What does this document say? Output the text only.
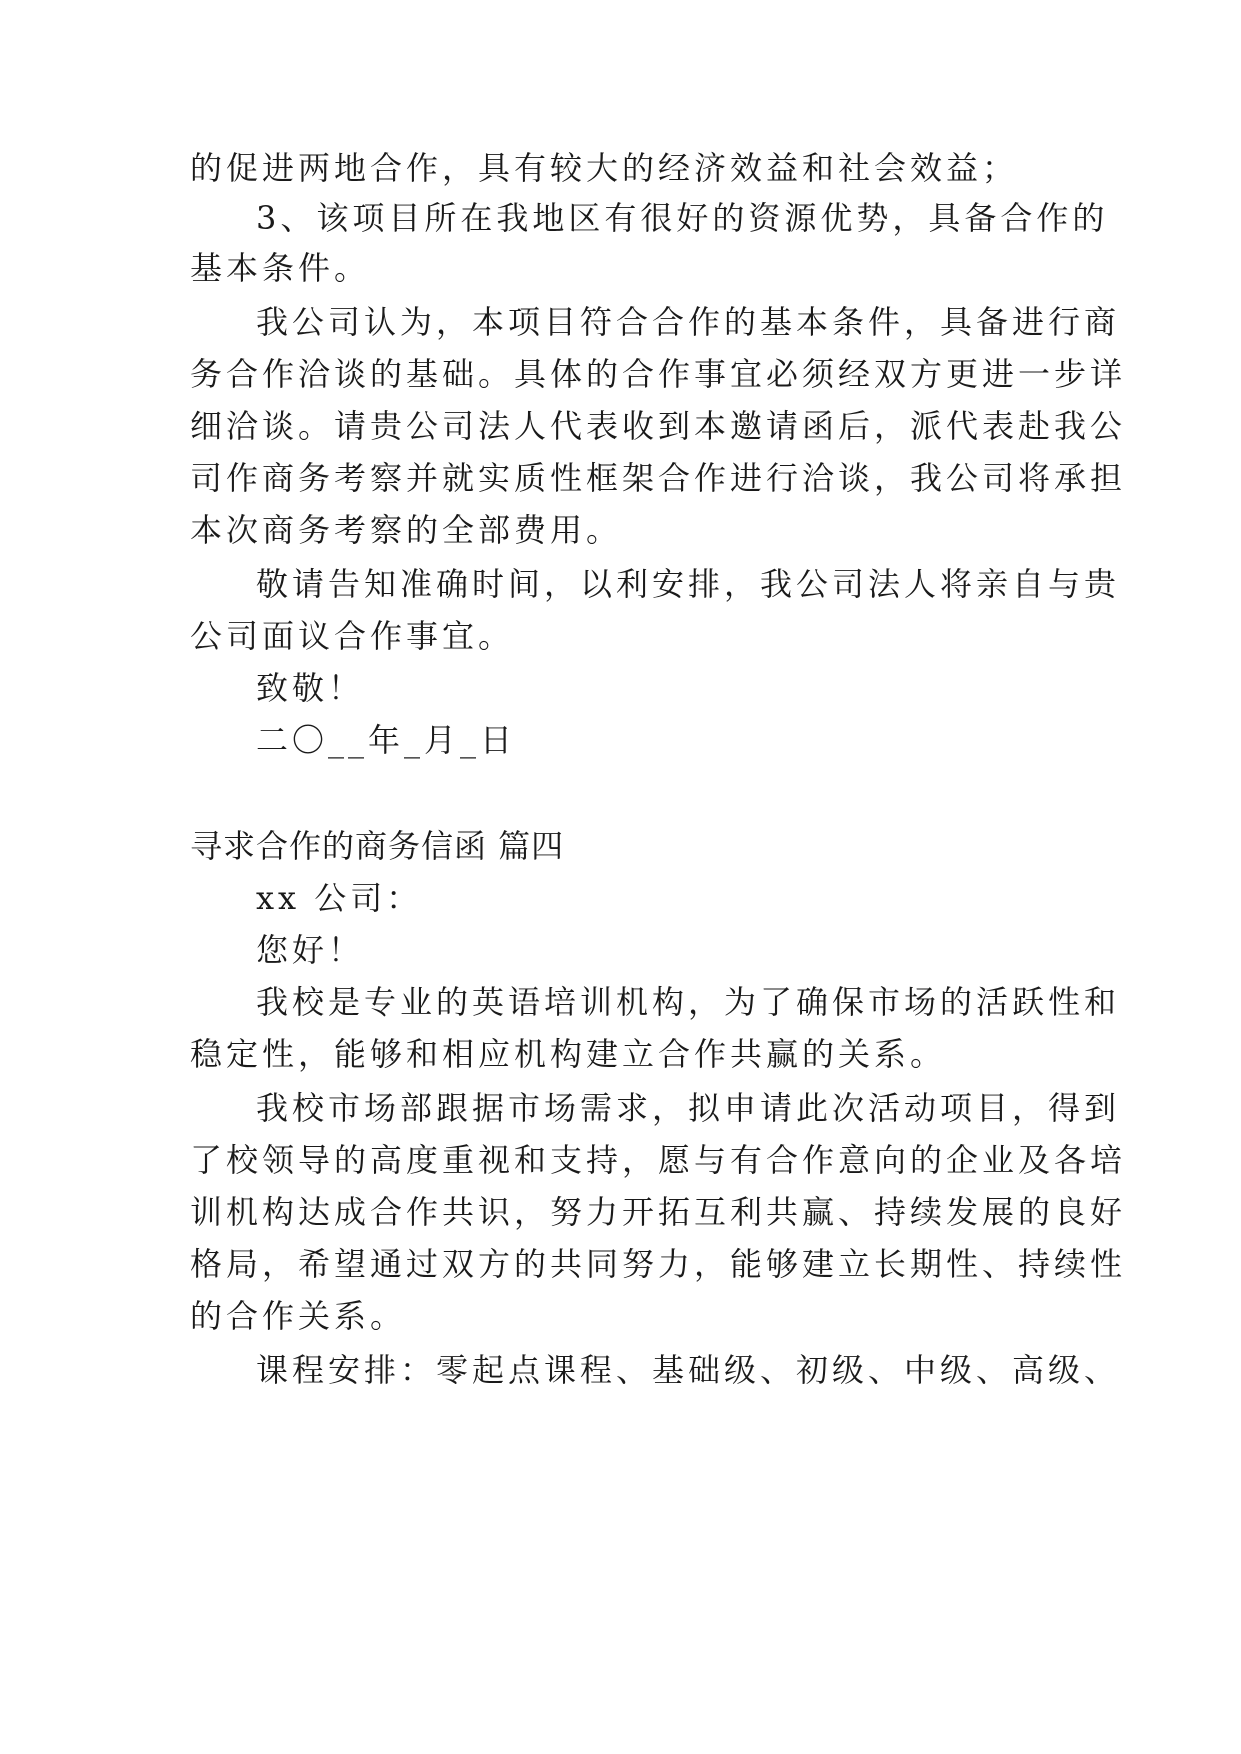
的促进两地合作，具有较大的经济效益和社会效益；
3、该项目所在我地区有很好的资源优势，具备合作的
基本条件。
我公司认为，本项目符合合作的基本条件，具备进行商
务合作洽谈的基础。具体的合作事宜必须经双方更进一步详
细洽谈。请贵公司法人代表收到本邀请函后，派代表赴我公
司作商务考察并就实质性框架合作进行洽谈，我公司将承担
本次商务考察的全部费用。
敬请告知准确时间，以利安排，我公司法人将亲自与贵
公司面议合作事宜。
致敬！
二〇__年_月_日
寻求合作的商务信函 篇四
xx 公司：
您好！
我校是专业的英语培训机构，为了确保市场的活跃性和
稳定性，能够和相应机构建立合作共赢的关系。
我校市场部跟据市场需求，拟申请此次活动项目，得到
了校领导的高度重视和支持，愿与有合作意向的企业及各培
训机构达成合作共识，努力开拓互利共赢、持续发展的良好
格局，希望通过双方的共同努力，能够建立长期性、持续性
的合作关系。
课程安排：零起点课程、基础级、初级、中级、高级、
